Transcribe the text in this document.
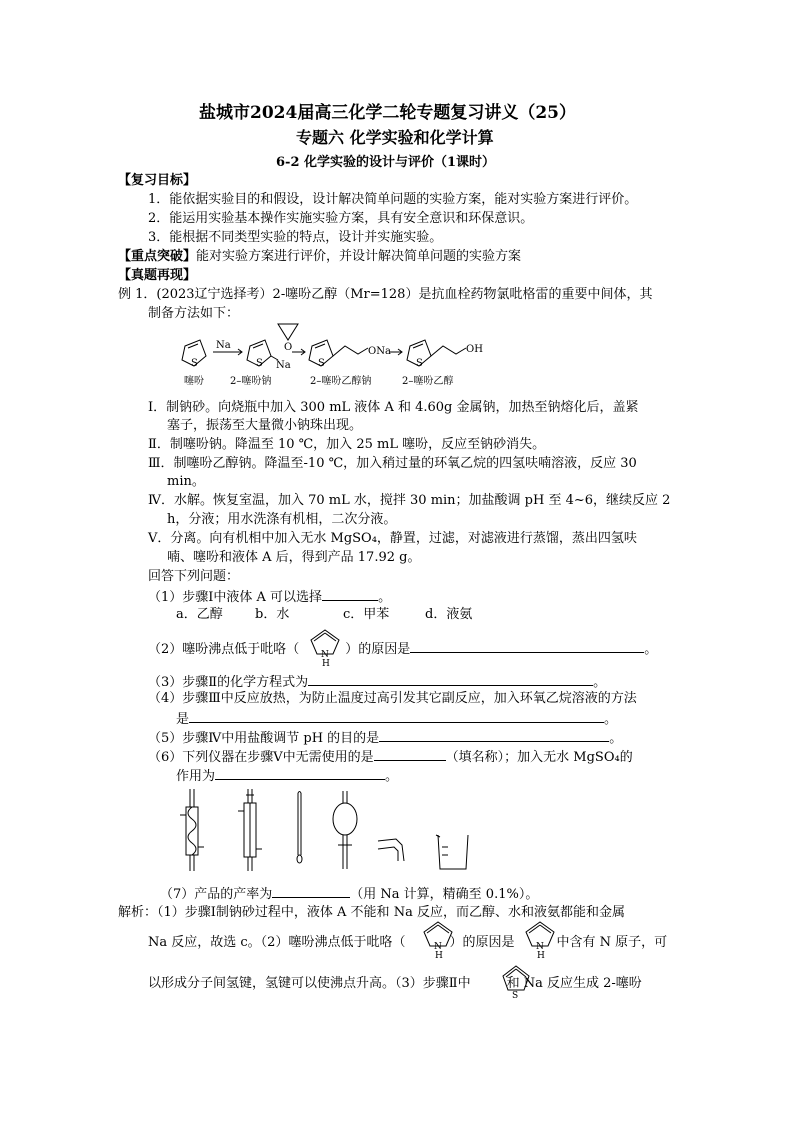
盐城市2024届高三化学二轮专题复习讲义（25）
专题六 化学实验和化学计算
6-2 化学实验的设计与评价（1课时）
【复习目标】
1．能依据实验目的和假设，设计解决简单问题的实验方案，能对实验方案进行评价。
2．能运用实验基本操作实施实验方案，具有安全意识和环保意识。
3．能根据不同类型实验的特点，设计并实施实验。
【重点突破】能对实验方案进行评价，并设计解决简单问题的实验方案
【真题再现】
例 1．(2023辽宁选择考）2-噻吩乙醇（Mr=128）是抗血栓药物氯吡格雷的重要中间体，其
制备方法如下：
S
Na
S Na
O
S
ONa
S
OH
噻吩	2–噻吩钠	2–噻吩乙醇钠	2–噻吩乙醇
Ⅰ．制钠砂。向烧瓶中加入 300 mL 液体 A 和 4.60g 金属钠，加热至钠熔化后，盖紧
塞子，振荡至大量微小钠珠出现。
Ⅱ．制噻吩钠。降温至 10 ℃，加入 25 mL 噻吩，反应至钠砂消失。
Ⅲ．制噻吩乙醇钠。降温至-10 ℃，加入稍过量的环氧乙烷的四氢呋喃溶液，反应 30
min。
Ⅳ．水解。恢复室温，加入 70 mL 水，搅拌 30 min；加盐酸调 pH 至 4~6，继续反应 2
h，分液；用水洗涤有机相，二次分液。
Ⅴ．分离。向有机相中加入无水 MgSO₄，静置，过滤，对滤液进行蒸馏，蒸出四氢呋
喃、噻吩和液体 A 后，得到产品 17.92 g。
回答下列问题：
（1）步骤Ⅰ中液体 A 可以选择	。
a．乙醇 b．水	c．甲苯	d．液氨
（2）噻吩沸点低于吡咯（	）的原因是	。
N
H
（3）步骤Ⅱ的化学方程式为	。
（4）步骤Ⅲ中反应放热，为防止温度过高引发其它副反应，加入环氧乙烷溶液的方法
是	。
（5）步骤Ⅳ中用盐酸调节 pH 的目的是	。
（6）下列仪器在步骤Ⅴ中无需使用的是	（填名称）；加入无水 MgSO₄的
作用为	。
（7）产品的产率为	（用 Na 计算，精确至 0.1%）。
解析：（1）步骤Ⅰ制钠砂过程中，液体 A 不能和 Na 反应，而乙醇、水和液氨都能和金属
Na 反应，故选 c。（2）噻吩沸点低于吡咯（	）的原因是	中含有 N 原子，可
N
H
N
H
以形成分子间氢键，氢键可以使沸点升高。（3）步骤Ⅱ中	和 Na 反应生成 2-噻吩
S
